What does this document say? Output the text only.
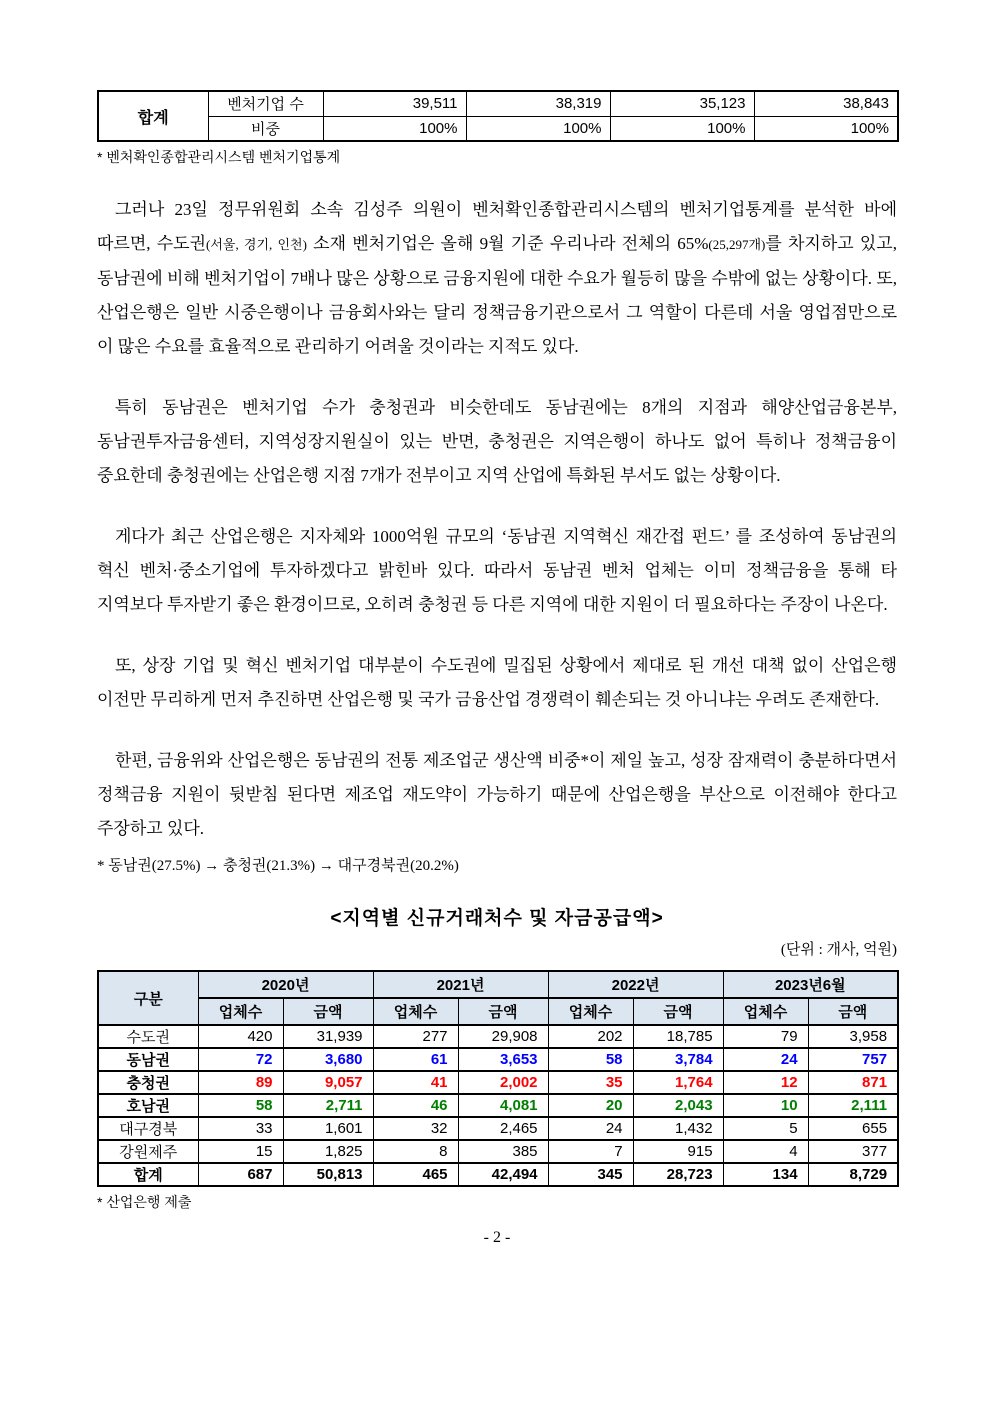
합계	벤처기업 수	39,511	38,319	35,123	38,843
	비중	100%	100%	100%	100%
* 벤처확인종합관리시스템 벤처기업통계

그러나 23일 정무위원회 소속 김성주 의원이 벤처확인종합관리시스템의 벤처기업통계를 분석한 바에 따르면, 수도권(서울, 경기, 인천) 소재 벤처기업은 올해 9월 기준 우리나라 전체의 65%(25,297개)를 차지하고 있고, 동남권에 비해 벤처기업이 7배나 많은 상황으로 금융지원에 대한 수요가 월등히 많을 수밖에 없는 상황이다. 또, 산업은행은 일반 시중은행이나 금융회사와는 달리 정책금융기관으로서 그 역할이 다른데 서울 영업점만으로 이 많은 수요를 효율적으로 관리하기 어려울 것이라는 지적도 있다.

특히 동남권은 벤처기업 수가 충청권과 비슷한데도 동남권에는 8개의 지점과 해양산업금융본부, 동남권투자금융센터, 지역성장지원실이 있는 반면, 충청권은 지역은행이 하나도 없어 특히나 정책금융이 중요한데 충청권에는 산업은행 지점 7개가 전부이고 지역 산업에 특화된 부서도 없는 상황이다.

게다가 최근 산업은행은 지자체와 1000억원 규모의 ‘동남권 지역혁신 재간접 펀드’ 를 조성하여 동남권의 혁신 벤처·중소기업에 투자하겠다고 밝힌바 있다. 따라서 동남권 벤처 업체는 이미 정책금융을 통해 타 지역보다 투자받기 좋은 환경이므로, 오히려 충청권 등 다른 지역에 대한 지원이 더 필요하다는 주장이 나온다.

또, 상장 기업 및 혁신 벤처기업 대부분이 수도권에 밀집된 상황에서 제대로 된 개선 대책 없이 산업은행 이전만 무리하게 먼저 추진하면 산업은행 및 국가 금융산업 경쟁력이 훼손되는 것 아니냐는 우려도 존재한다.

한편, 금융위와 산업은행은 동남권의 전통 제조업군 생산액 비중*이 제일 높고, 성장 잠재력이 충분하다면서 정책금융 지원이 뒷받침 된다면 제조업 재도약이 가능하기 때문에 산업은행을 부산으로 이전해야 한다고 주장하고 있다.

* 동남권(27.5%) → 충청권(21.3%) → 대구경북권(20.2%)
<지역별 신규거래처수 및 자금공급액>
(단위 : 개사, 억원)
구분	2020년		2021년		2022년		2023년6월	
	업체수	금액	업체수	금액	업체수	금액	업체수	금액
수도권	420	31,939	277	29,908	202	18,785	79	3,958
동남권	72	3,680	61	3,653	58	3,784	24	757
충청권	89	9,057	41	2,002	35	1,764	12	871
호남권	58	2,711	46	4,081	20	2,043	10	2,111
대구경북	33	1,601	32	2,465	24	1,432	5	655
강원제주	15	1,825	8	385	7	915	4	377
합계	687	50,813	465	42,494	345	28,723	134	8,729
* 산업은행 제출
- 2 -
